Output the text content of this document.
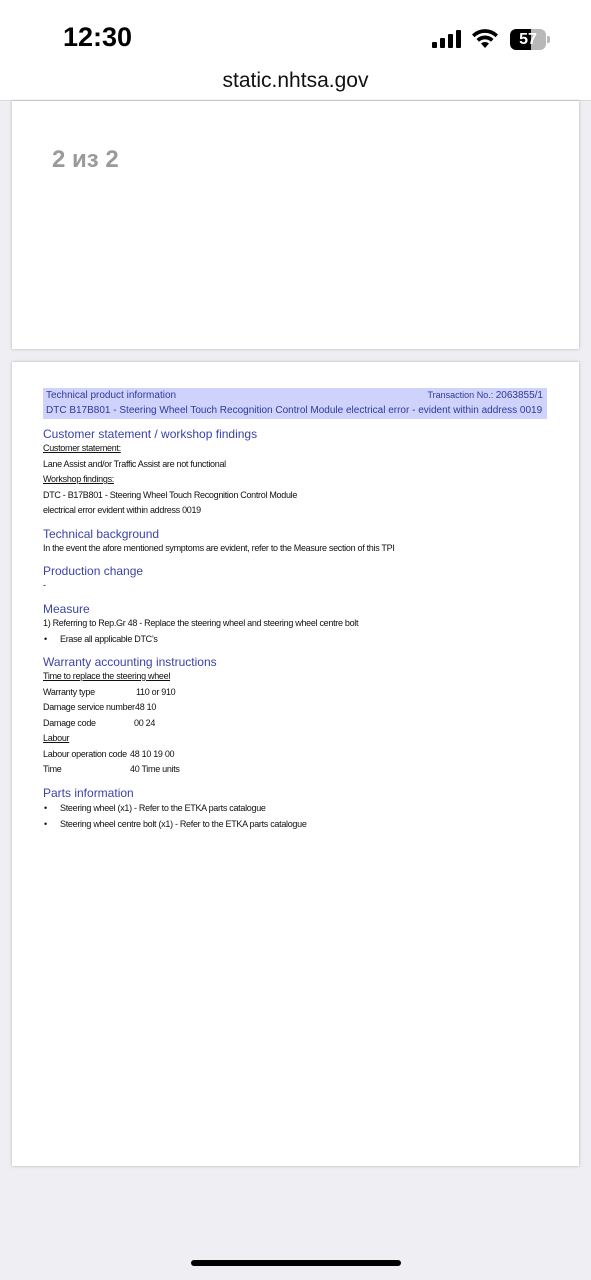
12:30	57
static.nhtsa.gov
2 из 2
Technical product information	Transaction No.: 2063855/1
DTC B17B801 - Steering Wheel Touch Recognition Control Module electrical error - evident within address 0019
Customer statement / workshop findings
Customer statement:
Lane Assist and/or Traffic Assist are not functional
Workshop findings:
DTC - B17B801 - Steering Wheel Touch Recognition Control Module
electrical error evident within address 0019
Technical background
In the event the afore mentioned symptoms are evident, refer to the Measure section of this TPI
Production change
-
Measure
1) Referring to Rep.Gr 48 - Replace the steering wheel and steering wheel centre bolt
• Erase all applicable DTC’s
Warranty accounting instructions
Time to replace the steering wheel
Warranty type	110 or 910
Damage service number 48 10
Damage code	00 24
Labour
Labour operation code 48 10 19 00
Time	40 Time units
Parts information
• Steering wheel (x1) - Refer to the ETKA parts catalogue
• Steering wheel centre bolt (x1) - Refer to the ETKA parts catalogue
